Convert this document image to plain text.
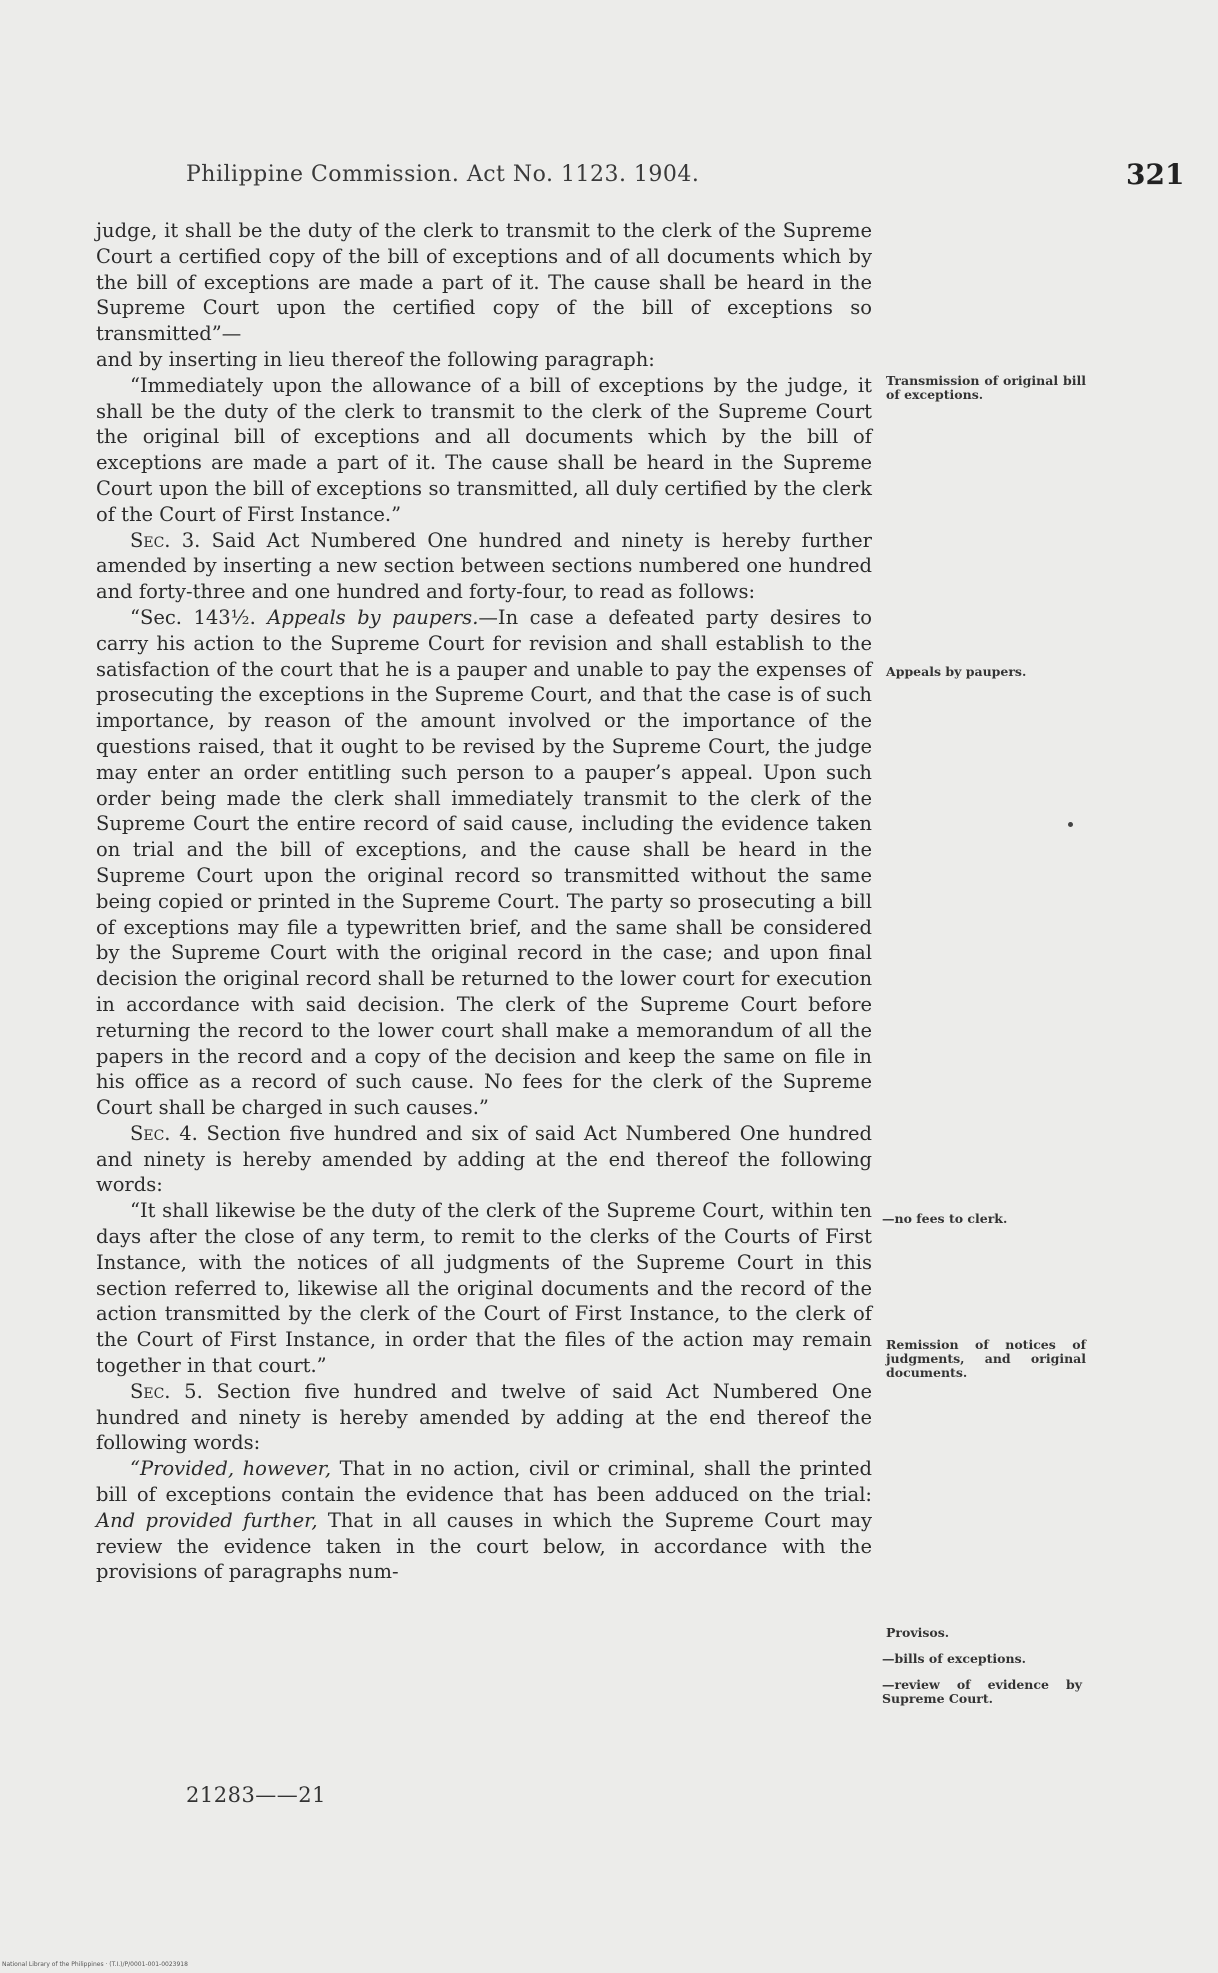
Philippine Commission. Act No. 1123. 1904.	321

judge, it shall be the duty of the clerk to transmit to the clerk of the Supreme Court a certified copy of the bill of exceptions and of all documents which by the bill of exceptions are made a part of it. The cause shall be heard in the Supreme Court upon the certified copy of the bill of exceptions so transmitted”—

and by inserting in lieu thereof the following paragraph:

“Immediately upon the allowance of a bill of exceptions by the judge, it shall be the duty of the clerk to transmit to the clerk of the Supreme Court the original bill of exceptions and all documents which by the bill of exceptions are made a part of it. The cause shall be heard in the Supreme Court upon the bill of exceptions so transmitted, all duly certified by the clerk of the Court of First Instance.”

Sec. 3. Said Act Numbered One hundred and ninety is hereby further amended by inserting a new section between sections numbered one hundred and forty-three and one hundred and forty-four, to read as follows:

“Sec. 143½. Appeals by paupers.—In case a defeated party desires to carry his action to the Supreme Court for revision and shall establish to the satisfaction of the court that he is a pauper and unable to pay the expenses of prosecuting the exceptions in the Supreme Court, and that the case is of such importance, by reason of the amount involved or the importance of the questions raised, that it ought to be revised by the Supreme Court, the judge may enter an order entitling such person to a pauper’s appeal. Upon such order being made the clerk shall immediately transmit to the clerk of the Supreme Court the entire record of said cause, including the evidence taken on trial and the bill of exceptions, and the cause shall be heard in the Supreme Court upon the original record so transmitted without the same being copied or printed in the Supreme Court. The party so prosecuting a bill of exceptions may file a typewritten brief, and the same shall be considered by the Supreme Court with the original record in the case; and upon final decision the original record shall be returned to the lower court for execution in accordance with said decision. The clerk of the Supreme Court before returning the record to the lower court shall make a memorandum of all the papers in the record and a copy of the decision and keep the same on file in his office as a record of such cause. No fees for the clerk of the Supreme Court shall be charged in such causes.”

Sec. 4. Section five hundred and six of said Act Numbered One hundred and ninety is hereby amended by adding at the end thereof the following words:

“It shall likewise be the duty of the clerk of the Supreme Court, within ten days after the close of any term, to remit to the clerks of the Courts of First Instance, with the notices of all judgments of the Supreme Court in this section referred to, likewise all the original documents and the record of the action transmitted by the clerk of the Court of First Instance, to the clerk of the Court of First Instance, in order that the files of the action may remain together in that court.”

Sec. 5. Section five hundred and twelve of said Act Numbered One hundred and ninety is hereby amended by adding at the end thereof the following words:

“Provided, however, That in no action, civil or criminal, shall the printed bill of exceptions contain the evidence that has been adduced on the trial: And provided further, That in all causes in which the Supreme Court may review the evidence taken in the court below, in accordance with the provisions of paragraphs num-

Transmission of original bill of exceptions.
Appeals by paupers.
—no fees to clerk.
Remission of notices of judgments, and original documents.
Provisos.
—bills of exceptions.
—review of evidence by Supreme Court.
21283——21
National Library of the Philippines · (T.I.)/P/0001-001-0023918
